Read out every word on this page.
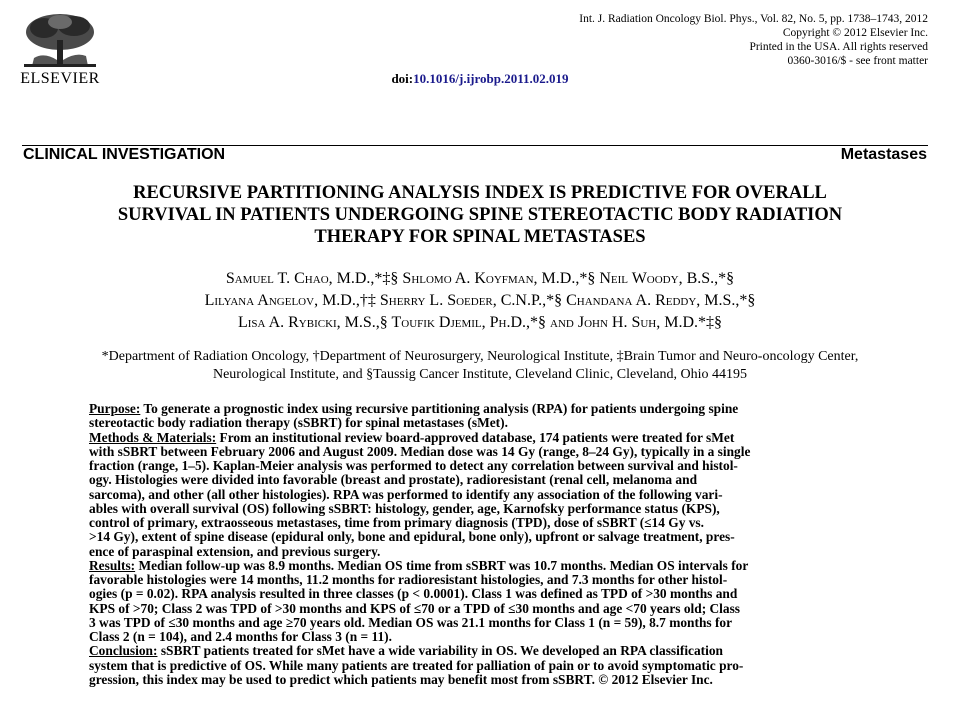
ELSEVIER
Int. J. Radiation Oncology Biol. Phys., Vol. 82, No. 5, pp. 1738–1743, 2012
Copyright © 2012 Elsevier Inc.
Printed in the USA. All rights reserved
0360-3016/$ - see front matter
doi:10.1016/j.ijrobp.2011.02.019
CLINICAL INVESTIGATION	Metastases
RECURSIVE PARTITIONING ANALYSIS INDEX IS PREDICTIVE FOR OVERALL
SURVIVAL IN PATIENTS UNDERGOING SPINE STEREOTACTIC BODY RADIATION
THERAPY FOR SPINAL METASTASES
Samuel T. Chao, M.D.,*‡§ Shlomo A. Koyfman, M.D.,*§ Neil Woody, B.S.,*§
Lilyana Angelov, M.D.,†‡ Sherry L. Soeder, C.N.P.,*§ Chandana A. Reddy, M.S.,*§
Lisa A. Rybicki, M.S.,§ Toufik Djemil, Ph.D.,*§ and John H. Suh, M.D.*‡§
*Department of Radiation Oncology, †Department of Neurosurgery, Neurological Institute, ‡Brain Tumor and Neuro-oncology Center,
Neurological Institute, and §Taussig Cancer Institute, Cleveland Clinic, Cleveland, Ohio 44195
Purpose: To generate a prognostic index using recursive partitioning analysis (RPA) for patients undergoing spine
stereotactic body radiation therapy (sSBRT) for spinal metastases (sMet).
Methods & Materials: From an institutional review board-approved database, 174 patients were treated for sMet
with sSBRT between February 2006 and August 2009. Median dose was 14 Gy (range, 8–24 Gy), typically in a single
fraction (range, 1–5). Kaplan-Meier analysis was performed to detect any correlation between survival and histol-
ogy. Histologies were divided into favorable (breast and prostate), radioresistant (renal cell, melanoma and
sarcoma), and other (all other histologies). RPA was performed to identify any association of the following vari-
ables with overall survival (OS) following sSBRT: histology, gender, age, Karnofsky performance status (KPS),
control of primary, extraosseous metastases, time from primary diagnosis (TPD), dose of sSBRT (≤14 Gy vs.
>14 Gy), extent of spine disease (epidural only, bone and epidural, bone only), upfront or salvage treatment, pres-
ence of paraspinal extension, and previous surgery.
Results: Median follow-up was 8.9 months. Median OS time from sSBRT was 10.7 months. Median OS intervals for
favorable histologies were 14 months, 11.2 months for radioresistant histologies, and 7.3 months for other histol-
ogies (p = 0.02). RPA analysis resulted in three classes (p < 0.0001). Class 1 was defined as TPD of >30 months and
KPS of >70; Class 2 was TPD of >30 months and KPS of ≤70 or a TPD of ≤30 months and age <70 years old; Class
3 was TPD of ≤30 months and age ≥70 years old. Median OS was 21.1 months for Class 1 (n = 59), 8.7 months for
Class 2 (n = 104), and 2.4 months for Class 3 (n = 11).
Conclusion: sSBRT patients treated for sMet have a wide variability in OS. We developed an RPA classification
system that is predictive of OS. While many patients are treated for palliation of pain or to avoid symptomatic pro-
gression, this index may be used to predict which patients may benefit most from sSBRT. © 2012 Elsevier Inc.
